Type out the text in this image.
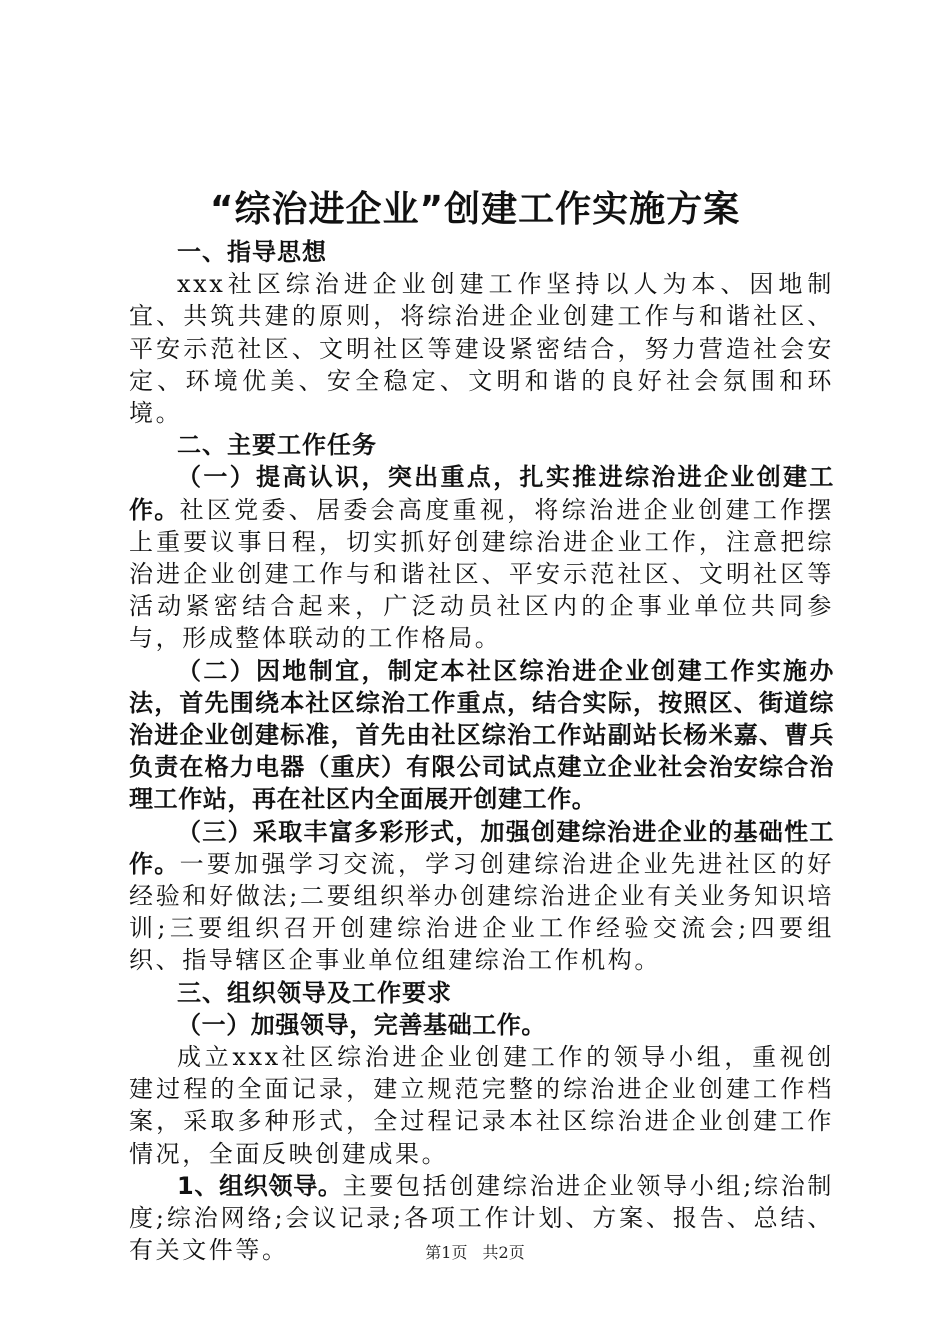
“综治进企业”创建工作实施方案

一、指导思想

xxx社区综治进企业创建工作坚持以人为本、因地制宜、共筑共建的原则，将综治进企业创建工作与和谐社区、平安示范社区、文明社区等建设紧密结合，努力营造社会安定、环境优美、安全稳定、文明和谐的良好社会氛围和环境。

二、主要工作任务

（一）提高认识，突出重点，扎实推进综治进企业创建工作。社区党委、居委会高度重视，将综治进企业创建工作摆上重要议事日程，切实抓好创建综治进企业工作，注意把综治进企业创建工作与和谐社区、平安示范社区、文明社区等活动紧密结合起来，广泛动员社区内的企事业单位共同参与，形成整体联动的工作格局。

（二）因地制宜，制定本社区综治进企业创建工作实施办法，首先围绕本社区综治工作重点，结合实际，按照区、街道综治进企业创建标准，首先由社区综治工作站副站长杨米嘉、曹兵负责在格力电器（重庆）有限公司试点建立企业社会治安综合治理工作站，再在社区内全面展开创建工作。

（三）采取丰富多彩形式，加强创建综治进企业的基础性工作。一要加强学习交流，学习创建综治进企业先进社区的好经验和好做法;二要组织举办创建综治进企业有关业务知识培训;三要组织召开创建综治进企业工作经验交流会;四要组织、指导辖区企事业单位组建综治工作机构。

三、组织领导及工作要求

（一）加强领导，完善基础工作。

成立xxx社区综治进企业创建工作的领导小组，重视创建过程的全面记录，建立规范完整的综治进企业创建工作档案，采取多种形式，全过程记录本社区综治进企业创建工作情况，全面反映创建成果。

1、组织领导。主要包括创建综治进企业领导小组;综治制度;综治网络;会议记录;各项工作计划、方案、报告、总结、有关文件等。	第1页 共2页
